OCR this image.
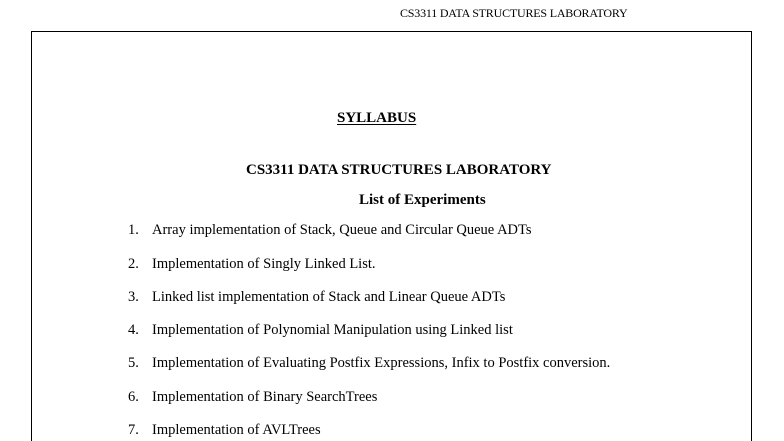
CS3311 DATA STRUCTURES LABORATORY
SYLLABUS
CS3311 DATA STRUCTURES LABORATORY
List of Experiments
1. Array implementation of Stack, Queue and Circular Queue ADTs
2. Implementation of Singly Linked List.
3. Linked list implementation of Stack and Linear Queue ADTs
4. Implementation of Polynomial Manipulation using Linked list
5. Implementation of Evaluating Postfix Expressions, Infix to Postfix conversion.
6. Implementation of Binary SearchTrees
7. Implementation of AVLTrees
